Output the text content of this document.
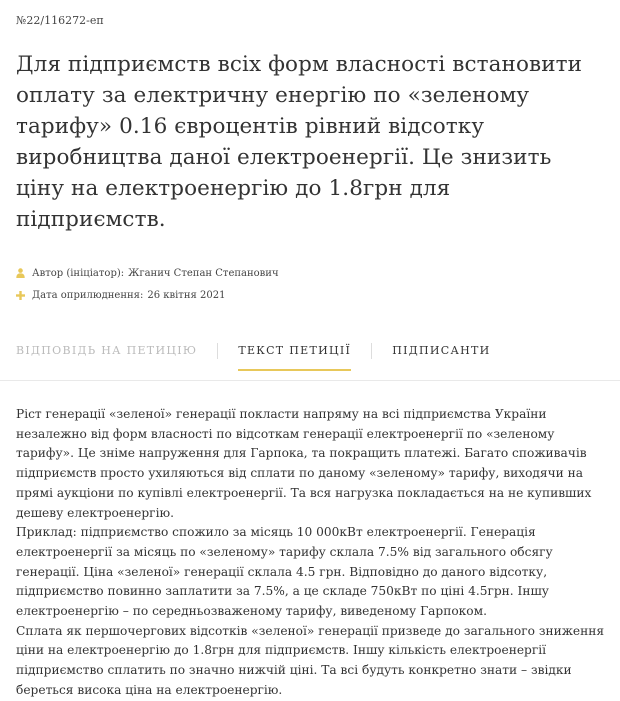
№22/116272-еп
Для підприємств всіх форм власності встановити оплату за електричну енергію по «зеленому тарифу» 0.16 євроцентів рівний відсотку виробництва даної електроенергії. Це знизить ціну на електроенергію до 1.8грн для підприємств.
Автор (ініціатор): Жганич Степан Степанович
Дата оприлюднення: 26 квітня 2021
ВІДПОВІДЬ НА ПЕТИЦІЮ	ТЕКСТ ПЕТИЦІЇ	ПІДПИСАНТИ

Ріст генерації «зеленої» генерації покласти напряму на всі підприємства України незалежно від форм власності по відсоткам генерації електроенергії по «зеленому тарифу». Це зніме напруження для Гарпока, та покращить платежі. Багато споживачів підприємств просто ухиляються від сплати по даному «зеленому» тарифу, виходячи на прямі аукціони по купівлі електроенергії. Та вся нагрузка покладається на не купивших дешеву електроенергію.

Приклад: підприємство спожило за місяць 10 000кВт електроенергії. Генерація електроенергії за місяць по «зеленому» тарифу склала 7.5% від загального обсягу генерації. Ціна «зеленої» генерації склала 4.5 грн. Відповідно до даного відсотку, підприємство повинно заплатити за 7.5%, а це складе 750кВт по ціні 4.5грн. Іншу електроенергію – по середньозваженому тарифу, виведеному Гарпоком.

Сплата як першочергових відсотків «зеленої» генерації призведе до загального зниження ціни на електроенергію до 1.8грн для підприємств. Іншу кількість електроенергії підприємство сплатить по значно нижчій ціні. Та всі будуть конкретно знати – звідки береться висока ціна на електроенергію.
